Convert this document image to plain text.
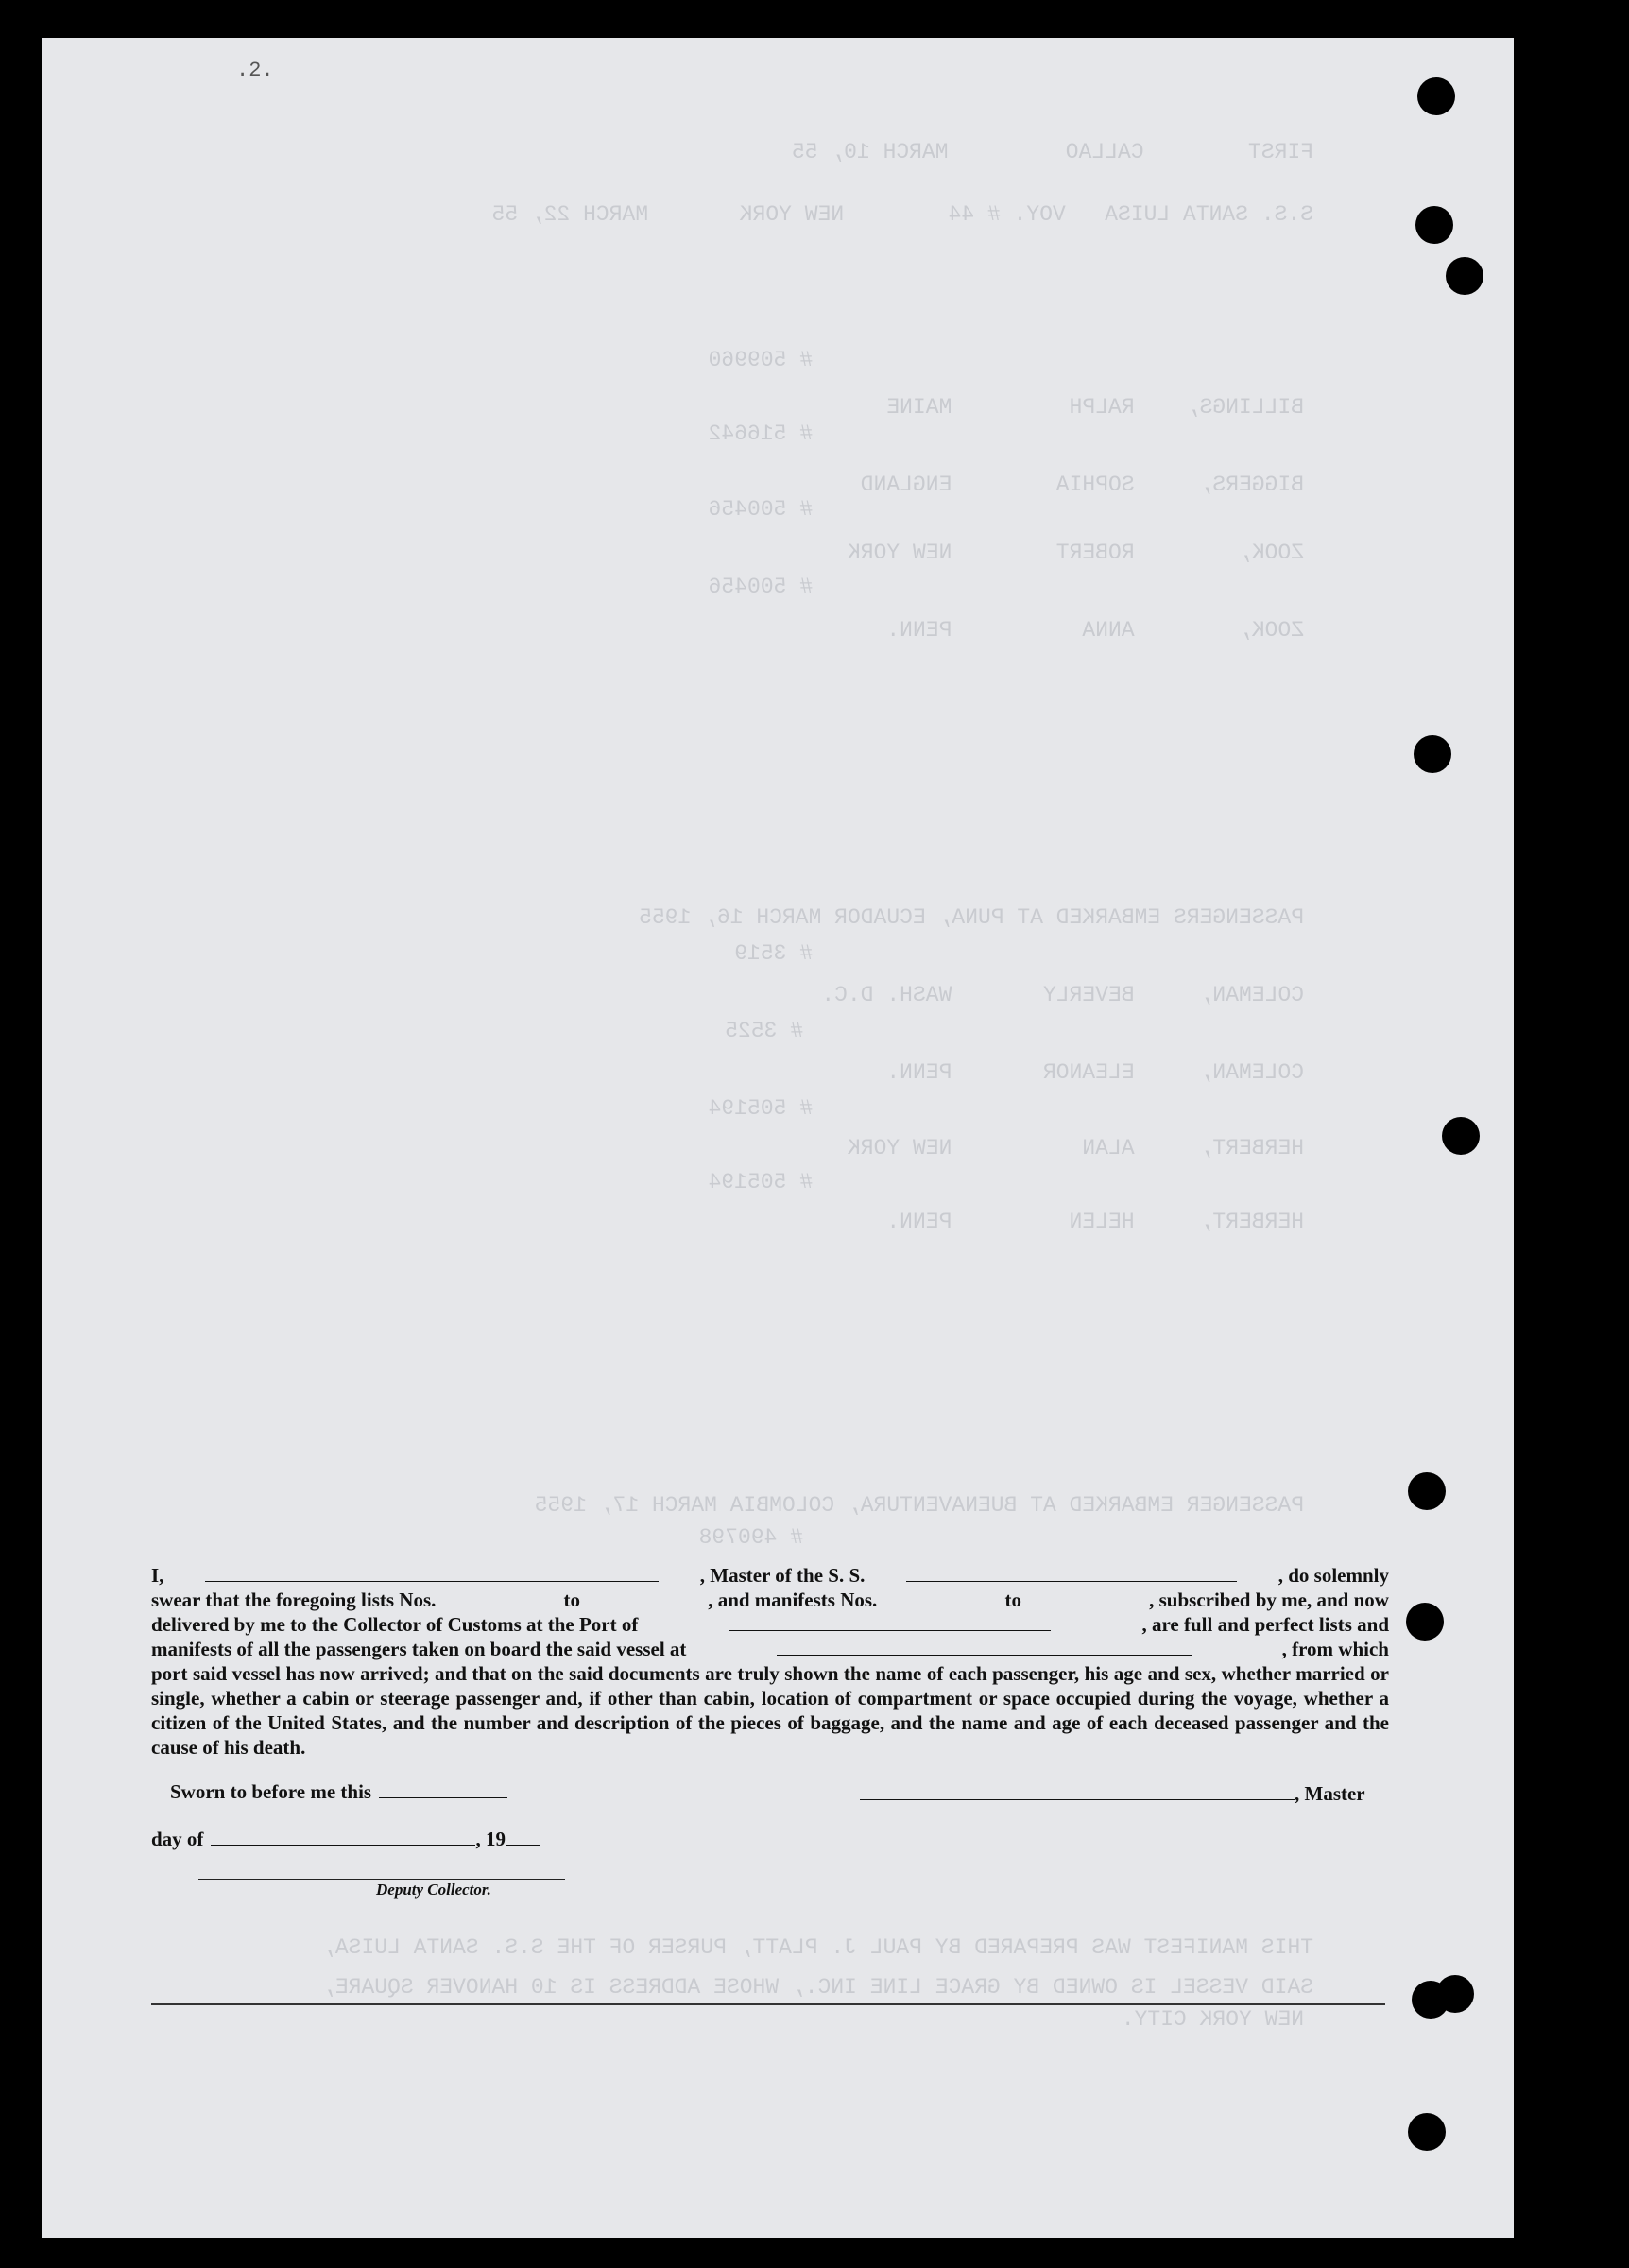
.2.
FIRST        CALLAO         MARCH 10, 55
S.S. SANTA LUISA   VOY. # 44        NEW YORK       MARCH 22, 55
# 509960
BILLINGS,    RALPH         MAINE
# 516642
BIGGERS,     SOPHIA        ENGLAND
# 500456
ZOOK,        ROBERT        NEW YORK
# 500456
ZOOK,        ANNA          PENN.
PASSENGERS EMBARKED AT PUNA, ECUADOR MARCH 16, 1955
# 3519
COLEMAN,     BEVERLY       WASH. D.C.
# 3525
COLEMAN,     ELEANOR       PENN.
# 505194
HERBERT,     ALAN          NEW YORK
# 505194
HERBERT,     HELEN         PENN.
PASSENGER EMBARKED AT BUENAVENTURA, COLOMBIA MARCH 17, 1955
# 490798
THIS MANIFEST WAS PREPARED BY PAUL J. PLATT, PURSER OF THE S.S. SANTA LUISA,
SAID VESSEL IS OWNED BY GRACE LINE INC., WHOSE ADDRESS IS 10 HANOVER SQUARE,
NEW YORK CITY.
I,	, Master of the S. S.	, do solemnly
swear that the foregoing lists Nos.	to	, and manifests Nos.	to	, subscribed by me, and now
delivered by me to the Collector of Customs at the Port of	, are full and perfect lists and
manifests of all the passengers taken on board the said vessel at	, from which

port said vessel has now arrived; and that on the said documents are truly shown the name of each passenger, his age and sex, whether married or single, whether a cabin or steerage passenger and, if other than cabin, location of compartment or space occupied during the voyage, whether a citizen of the United States, and the number and description of the pieces of baggage, and the name and age of each deceased passenger and the cause of his death.

Sworn to before me this	, Master
day of	, 19
Deputy Collector.
